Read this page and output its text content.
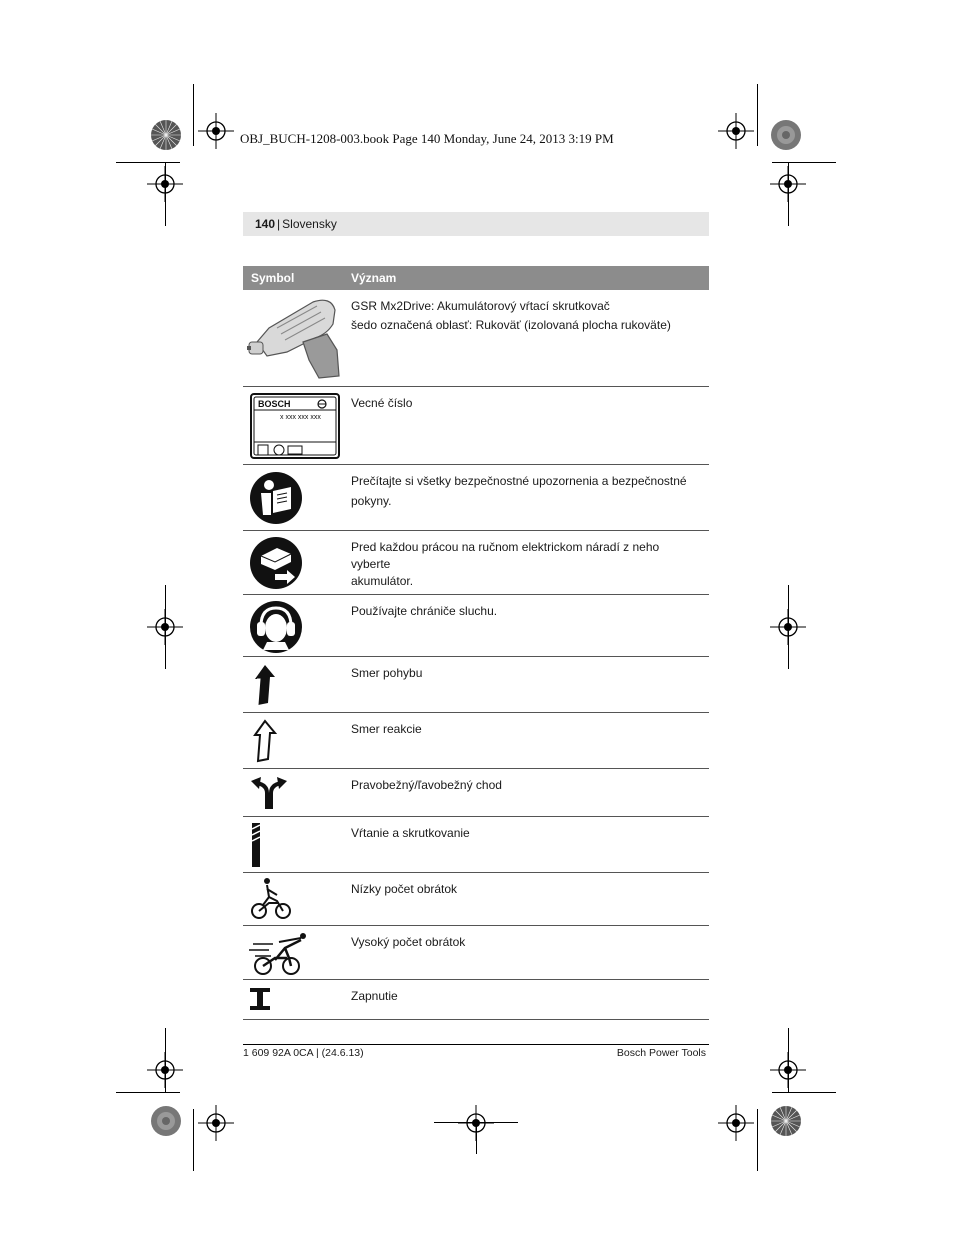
OBJ_BUCH-1208-003.book Page 140 Monday, June 24, 2013 3:19 PM
140 | Slovensky
Symbol	Význam
GSR Mx2Drive: Akumulátorový vŕtací skrutkovač
šedo označená oblasť: Rukoväť (izolovaná plocha rukoväte)
BOSCH
x xxx xxx xxx
Vecné číslo
Prečítajte si všetky bezpečnostné upozornenia a bezpečnostné
pokyny.
Pred každou prácou na ručnom elektrickom náradí z neho vyberte
akumulátor.
Používajte chrániče sluchu.
Smer pohybu
Smer reakcie
Pravobežný/ľavobežný chod
Vŕtanie a skrutkovanie
Nízky počet obrátok
Vysoký počet obrátok
Zapnutie
1 609 92A 0CA | (24.6.13)	Bosch Power Tools
